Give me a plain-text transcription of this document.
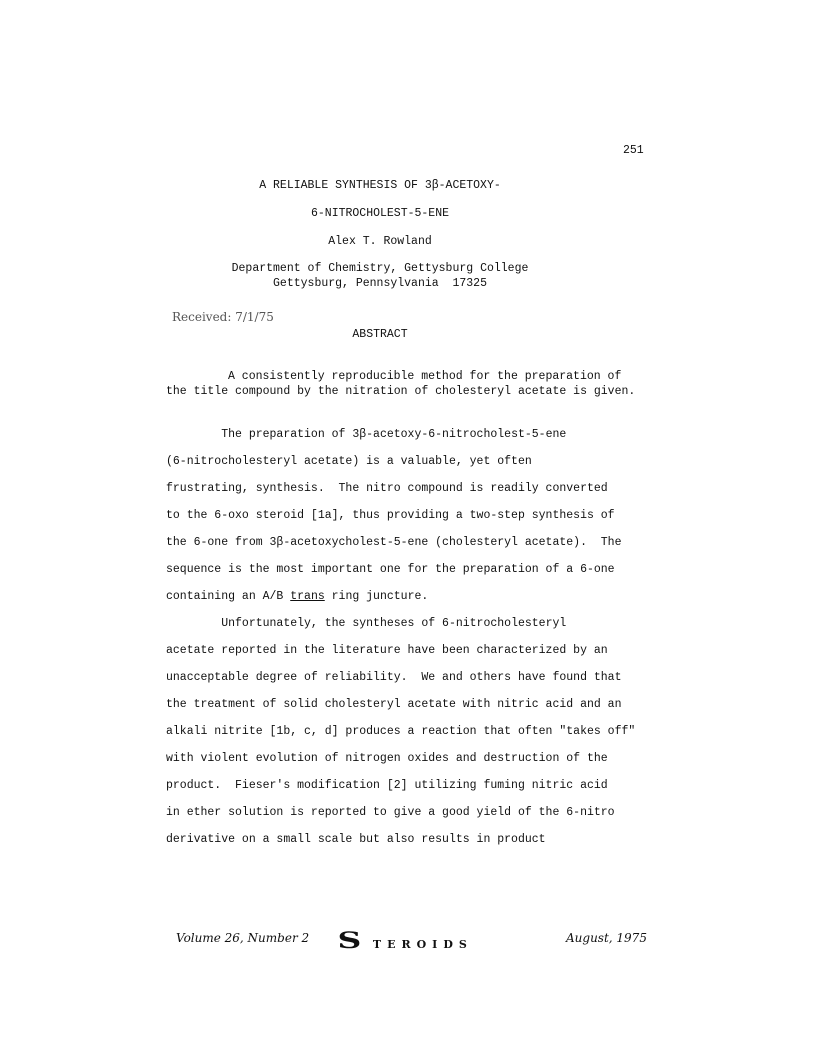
251
A RELIABLE SYNTHESIS OF 3β-ACETOXY-
6-NITROCHOLEST-5-ENE
Alex T. Rowland
Department of Chemistry, Gettysburg College
Gettysburg, Pennsylvania  17325
Received: 7/1/75
ABSTRACT
A consistently reproducible method for the preparation of the title compound by the nitration of cholesteryl acetate is given.
The preparation of 3β-acetoxy-6-nitrocholest-5-ene
(6-nitrocholesteryl acetate) is a valuable, yet often
frustrating, synthesis.  The nitro compound is readily converted
to the 6-oxo steroid [1a], thus providing a two-step synthesis of
the 6-one from 3β-acetoxycholest-5-ene (cholesteryl acetate).  The
sequence is the most important one for the preparation of a 6-one
containing an A/B trans ring juncture.
Unfortunately, the syntheses of 6-nitrocholesteryl
acetate reported in the literature have been characterized by an
unacceptable degree of reliability.  We and others have found that
the treatment of solid cholesteryl acetate with nitric acid and an
alkali nitrite [1b, c, d] produces a reaction that often "takes off"
with violent evolution of nitrogen oxides and destruction of the
product.  Fieser's modification [2] utilizing fuming nitric acid
in ether solution is reported to give a good yield of the 6-nitro
derivative on a small scale but also results in product
Volume 26, Number 2 STEROIDS	August, 1975
